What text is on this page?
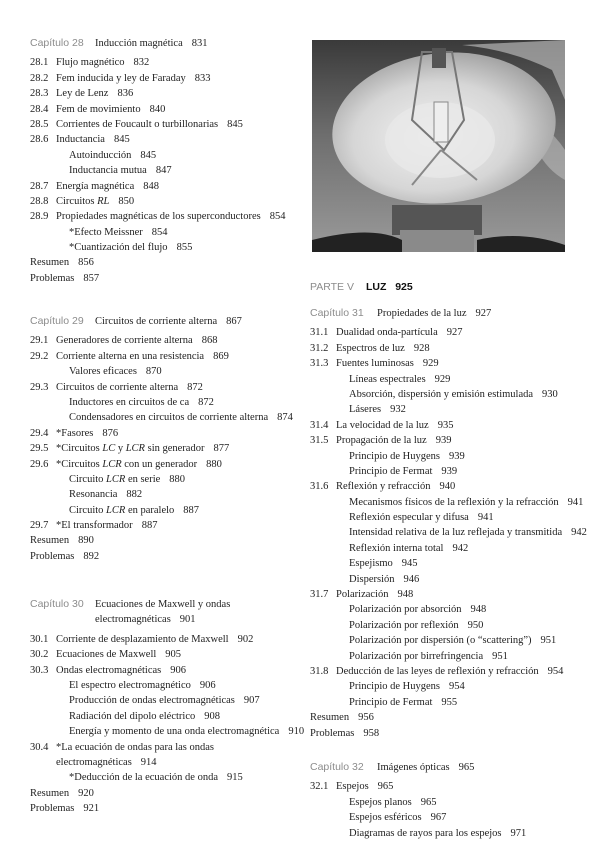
Capítulo 28	Inducción magnética 831
28.1 Flujo magnético 832
28.2 Fem inducida y ley de Faraday 833
28.3 Ley de Lenz 836
28.4 Fem de movimiento 840
28.5 Corrientes de Foucault o turbillonarias 845
28.6 Inductancia 845
Autoinducción 845
Inductancia mutua 847
28.7 Energía magnética 848
28.8 Circuitos RL 850
28.9 Propiedades magnéticas de los superconductores 854
*Efecto Meissner 854
*Cuantización del flujo 855
Resumen 856
Problemas 857
Capítulo 29	Circuitos de corriente alterna 867
29.1 Generadores de corriente alterna 868
29.2 Corriente alterna en una resistencia 869
Valores eficaces 870
29.3 Circuitos de corriente alterna 872
Inductores en circuitos de ca 872
Condensadores en circuitos de corriente alterna 874
29.4 *Fasores 876
29.5 *Circuitos LC y LCR sin generador 877
29.6 *Circuitos LCR con un generador 880
Circuito LCR en serie 880
Resonancia 882
Circuito LCR en paralelo 887
29.7 *El transformador 887
Resumen 890
Problemas 892
Capítulo 30	Ecuaciones de Maxwell y ondas
electromagnéticas 901
30.1 Corriente de desplazamiento de Maxwell 902
30.2 Ecuaciones de Maxwell 905
30.3 Ondas electromagnéticas 906
El espectro electromagnético 906
Producción de ondas electromagnéticas 907
Radiación del dipolo eléctrico 908
Energía y momento de una onda electromagnética 910
30.4 *La ecuación de ondas para las ondas
electromagnéticas 914
*Deducción de la ecuación de onda 915
Resumen 920
Problemas 921
PARTE V LUZ 925
Capítulo 31	Propiedades de la luz 927
31.1 Dualidad onda-partícula 927
31.2 Espectros de luz 928
31.3 Fuentes luminosas 929
Líneas espectrales 929
Absorción, dispersión y emisión estimulada 930
Láseres 932
31.4 La velocidad de la luz 935
31.5 Propagación de la luz 939
Principio de Huygens 939
Principio de Fermat 939
31.6 Reflexión y refracción 940
Mecanismos físicos de la reflexión y la refracción 941
Reflexión especular y difusa 941
Intensidad relativa de la luz reflejada y transmitida 942
Reflexión interna total 942
Espejismo 945
Dispersión 946
31.7 Polarización 948
Polarización por absorción 948
Polarización por reflexión 950
Polarización por dispersión (o “scattering”) 951
Polarización por birrefringencia 951
31.8 Deducción de las leyes de reflexión y refracción 954
Principio de Huygens 954
Principio de Fermat 955
Resumen 956
Problemas 958
Capítulo 32	Imágenes ópticas 965
32.1 Espejos 965
Espejos planos 965
Espejos esféricos 967
Diagramas de rayos para los espejos 971
